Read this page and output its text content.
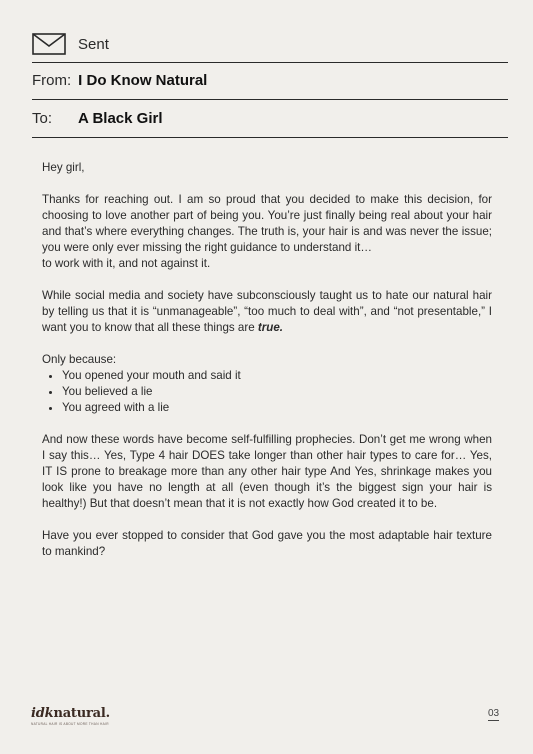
Sent
From: I Do Know Natural
To: A Black Girl

Hey girl,

Thanks for reaching out. I am so proud that you decided to make this decision, for choosing to love another part of being you. You’re just finally being real about your hair and that’s where everything changes. The truth is, your hair is and was never the issue; you were only ever missing the right guidance to understand it…

to work with it, and not against it.

While social media and society have subconsciously taught us to hate our natural hair by telling us that it is “unmanageable”, “too much to deal with”, and “not presentable,” I want you to know that all these things are true.

Only because:

• You opened your mouth and said it
• You believed a lie
• You agreed with a lie

And now these words have become self-fulfilling prophecies. Don’t get me wrong when I say this… Yes, Type 4 hair DOES take longer than other hair types to care for… Yes, IT IS prone to breakage more than any other hair type And Yes, shrinkage makes you look like you have no length at all (even though it’s the biggest sign your hair is healthy!) But that doesn’t mean that it is not exactly how God created it to be.

Have you ever stopped to consider that God gave you the most adaptable hair texture to mankind?

idknatural.
NATURAL HAIR IS ABOUT MORE THAN HAIR
03
